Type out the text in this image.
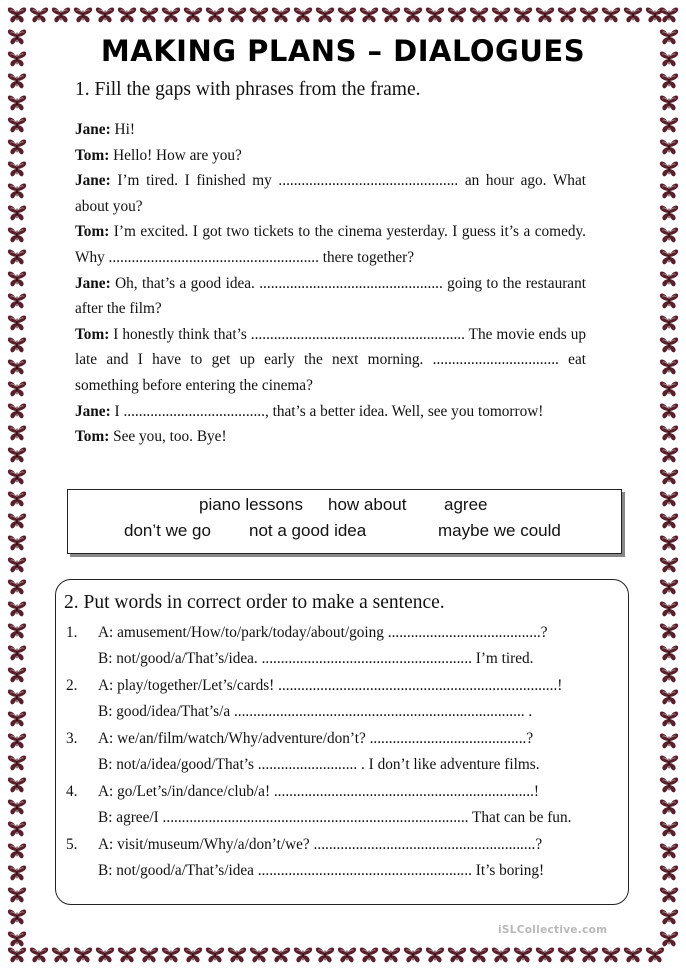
MAKING PLANS – DIALOGUES
1. Fill the gaps with phrases from the frame.

Jane: Hi!

Tom: Hello! How are you?

Jane: I’m tired. I finished my ............................................... an hour ago. What about you?

Tom: I’m excited. I got two tickets to the cinema yesterday. I guess it’s a comedy. Why ....................................................... there together?

Jane: Oh, that’s a good idea. ................................................ going to the restaurant after the film?

Tom: I honestly think that’s ........................................................ The movie ends up late and I have to get up early the next morning. ................................. eat something before entering the cinema?

Jane: I ....................................., that’s a better idea. Well, see you tomorrow!

Tom: See you, too. Bye!

piano lessons how about agree
don’t we go not a good idea	maybe we could
2. Put words in correct order to make a sentence.
1. A: amusement/How/to/park/today/about/going ........................................?
B: not/good/a/That’s/idea. ....................................................... I’m tired.
2. A: play/together/Let’s/cards! .........................................................................!
B: good/idea/That’s/a ............................................................................ .
3. A: we/an/film/watch/Why/adventure/don’t? .........................................?
B: not/a/idea/good/That’s .......................... . I don’t like adventure films.
4. A: go/Let’s/in/dance/club/a! ....................................................................!
B: agree/I ................................................................................ That can be fun.
5. A: visit/museum/Why/a/don’t/we? ..........................................................?
B: not/good/a/That’s/idea ........................................................ It’s boring!
iSLCollective.com
